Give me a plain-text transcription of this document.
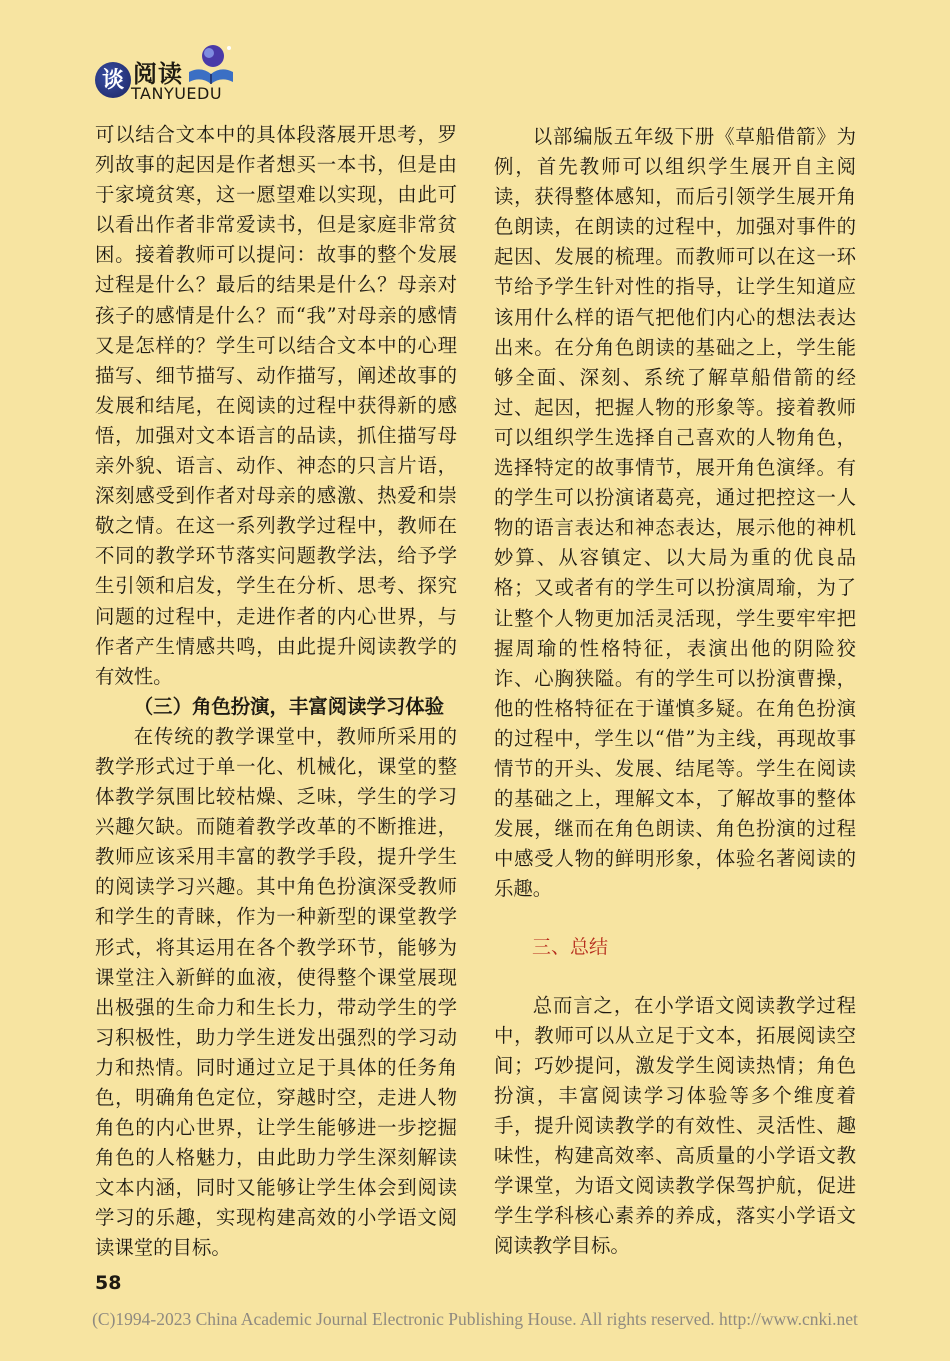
谈 阅读
TANYUEDU

可以结合文本中的具体段落展开思考，罗列故事的起因是作者想买一本书，但是由于家境贫寒，这一愿望难以实现，由此可以看出作者非常爱读书，但是家庭非常贫困。接着教师可以提问：故事的整个发展过程是什么？最后的结果是什么？母亲对孩子的感情是什么？而“我”对母亲的感情又是怎样的？学生可以结合文本中的心理描写、细节描写、动作描写，阐述故事的发展和结尾，在阅读的过程中获得新的感悟，加强对文本语言的品读，抓住描写母亲外貌、语言、动作、神态的只言片语，深刻感受到作者对母亲的感激、热爱和崇敬之情。在这一系列教学过程中，教师在不同的教学环节落实问题教学法，给予学生引领和启发，学生在分析、思考、探究问题的过程中，走进作者的内心世界，与作者产生情感共鸣，由此提升阅读教学的有效性。

（三）角色扮演，丰富阅读学习体验

在传统的教学课堂中，教师所采用的教学形式过于单一化、机械化，课堂的整体教学氛围比较枯燥、乏味，学生的学习兴趣欠缺。而随着教学改革的不断推进，教师应该采用丰富的教学手段，提升学生的阅读学习兴趣。其中角色扮演深受教师和学生的青睐，作为一种新型的课堂教学形式，将其运用在各个教学环节，能够为课堂注入新鲜的血液，使得整个课堂展现出极强的生命力和生长力，带动学生的学习积极性，助力学生迸发出强烈的学习动力和热情。同时通过立足于具体的任务角色，明确角色定位，穿越时空，走进人物角色的内心世界，让学生能够进一步挖掘角色的人格魅力，由此助力学生深刻解读文本内涵，同时又能够让学生体会到阅读学习的乐趣，实现构建高效的小学语文阅读课堂的目标。

以部编版五年级下册《草船借箭》为例，首先教师可以组织学生展开自主阅读，获得整体感知，而后引领学生展开角色朗读，在朗读的过程中，加强对事件的起因、发展的梳理。而教师可以在这一环节给予学生针对性的指导，让学生知道应该用什么样的语气把他们内心的想法表达出来。在分角色朗读的基础之上，学生能够全面、深刻、系统了解草船借箭的经过、起因，把握人物的形象等。接着教师可以组织学生选择自己喜欢的人物角色，选择特定的故事情节，展开角色演绎。有的学生可以扮演诸葛亮，通过把控这一人物的语言表达和神态表达，展示他的神机妙算、从容镇定、以大局为重的优良品格；又或者有的学生可以扮演周瑜，为了让整个人物更加活灵活现，学生要牢牢把握周瑜的性格特征，表演出他的阴险狡诈、心胸狭隘。有的学生可以扮演曹操，他的性格特征在于谨慎多疑。在角色扮演的过程中，学生以“借”为主线，再现故事情节的开头、发展、结尾等。学生在阅读的基础之上，理解文本，了解故事的整体发展，继而在角色朗读、角色扮演的过程中感受人物的鲜明形象，体验名著阅读的乐趣。

三、总结

总而言之，在小学语文阅读教学过程中，教师可以从立足于文本，拓展阅读空间；巧妙提问，激发学生阅读热情；角色扮演，丰富阅读学习体验等多个维度着手，提升阅读教学的有效性、灵活性、趣味性，构建高效率、高质量的小学语文教学课堂，为语文阅读教学保驾护航，促进学生学科核心素养的养成，落实小学语文阅读教学目标。

58
(C)1994-2023 China Academic Journal Electronic Publishing House. All rights reserved. http://www.cnki.net
